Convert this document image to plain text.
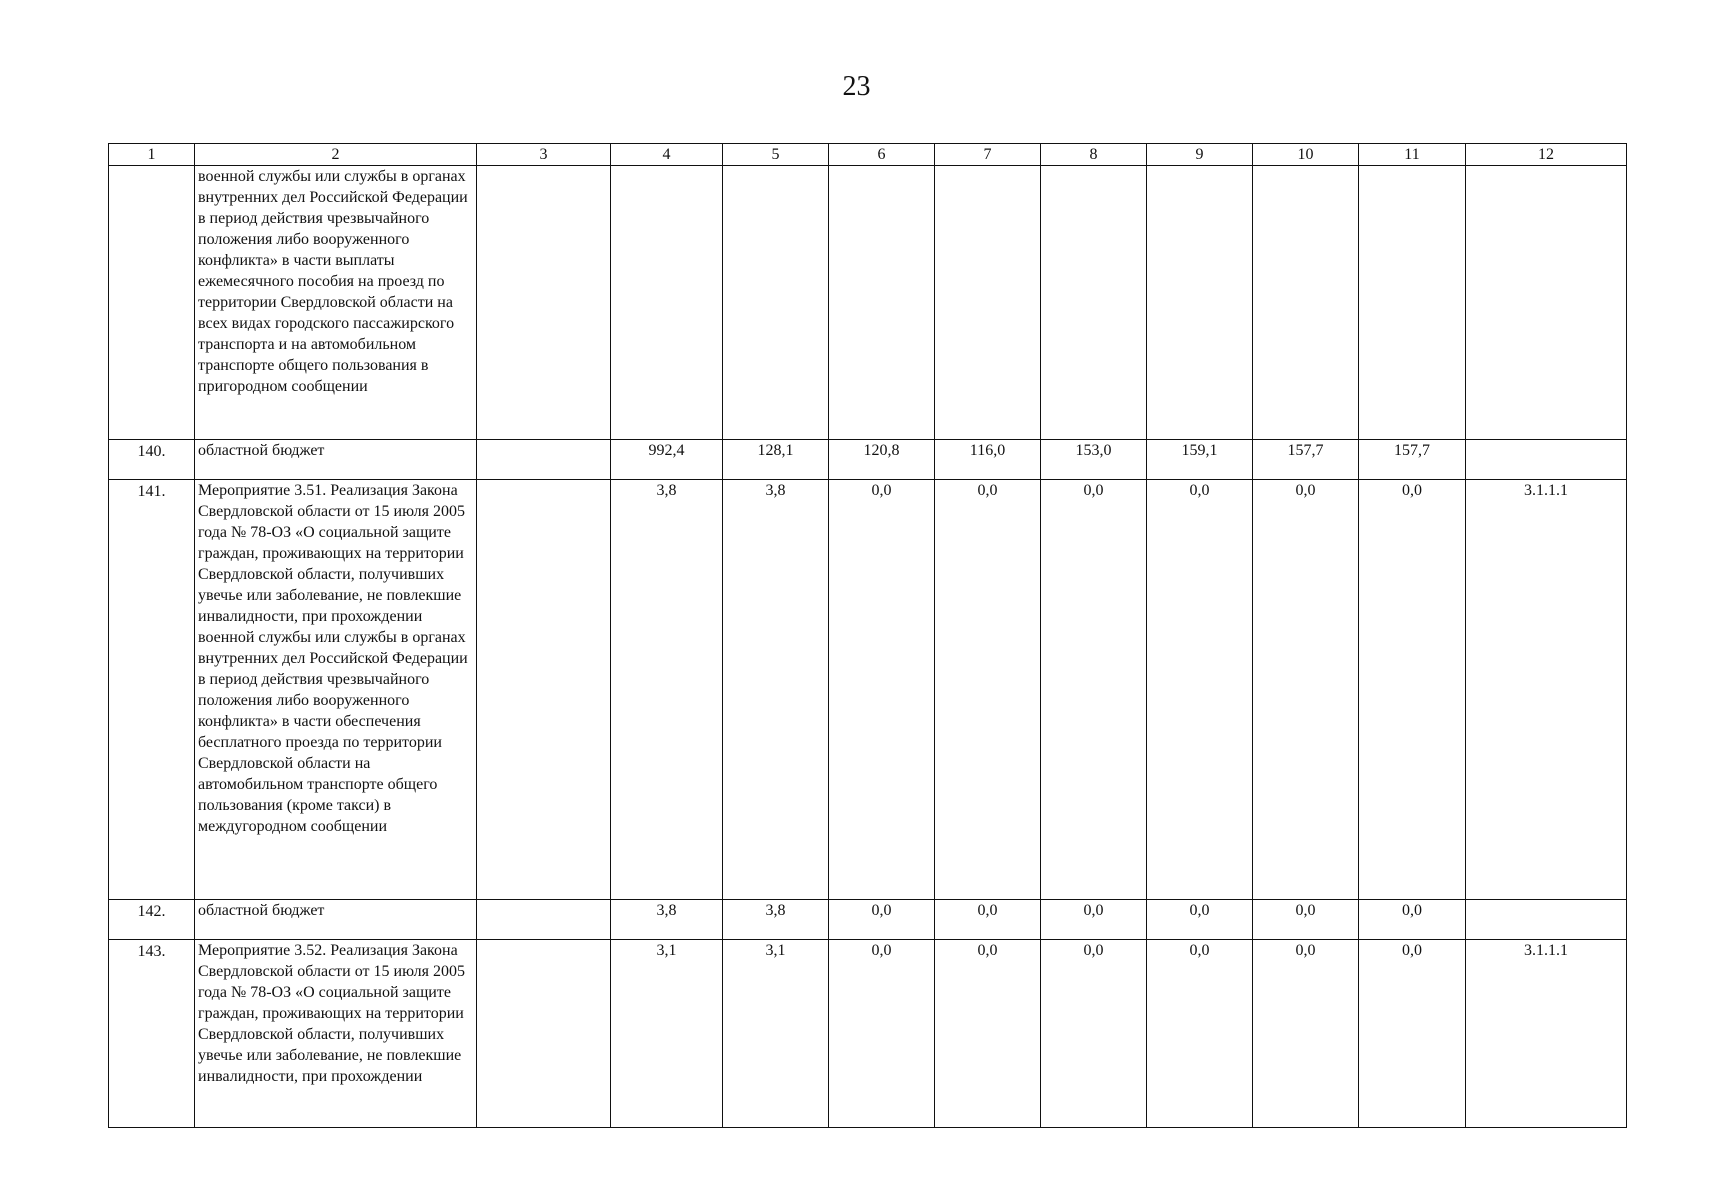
23
1	2	3	4	5	6	7	8	9	10	11	12
	военной службы или службы в органах внутренних дел Российской Федерации в период действия чрезвычайного положения либо вооруженного конфликта» в части выплаты ежемесячного пособия на проезд по территории Свердловской области на всех видах городского пассажирского транспорта и на автомобильном транспорте общего пользования в пригородном сообщении										
140.	областной бюджет		992,4	128,1	120,8	116,0	153,0	159,1	157,7	157,7	
141.	Мероприятие 3.51. Реализация Закона Свердловской области от 15 июля 2005 года № 78-ОЗ «О социальной защите граждан, проживающих на территории Свердловской области, получивших увечье или заболевание, не повлекшие инвалидности, при прохождении военной службы или службы в органах внутренних дел Российской Федерации в период действия чрезвычайного положения либо вооруженного конфликта» в части обеспечения бесплатного проезда по территории Свердловской области на автомобильном транспорте общего пользования (кроме такси) в междугородном сообщении		3,8	3,8	0,0	0,0	0,0	0,0	0,0	0,0	3.1.1.1
142.	областной бюджет		3,8	3,8	0,0	0,0	0,0	0,0	0,0	0,0	
143.	Мероприятие 3.52. Реализация Закона Свердловской области от 15 июля 2005 года № 78-ОЗ «О социальной защите граждан, проживающих на территории Свердловской области, получивших увечье или заболевание, не повлекшие инвалидности, при прохождении		3,1	3,1	0,0	0,0	0,0	0,0	0,0	0,0	3.1.1.1
